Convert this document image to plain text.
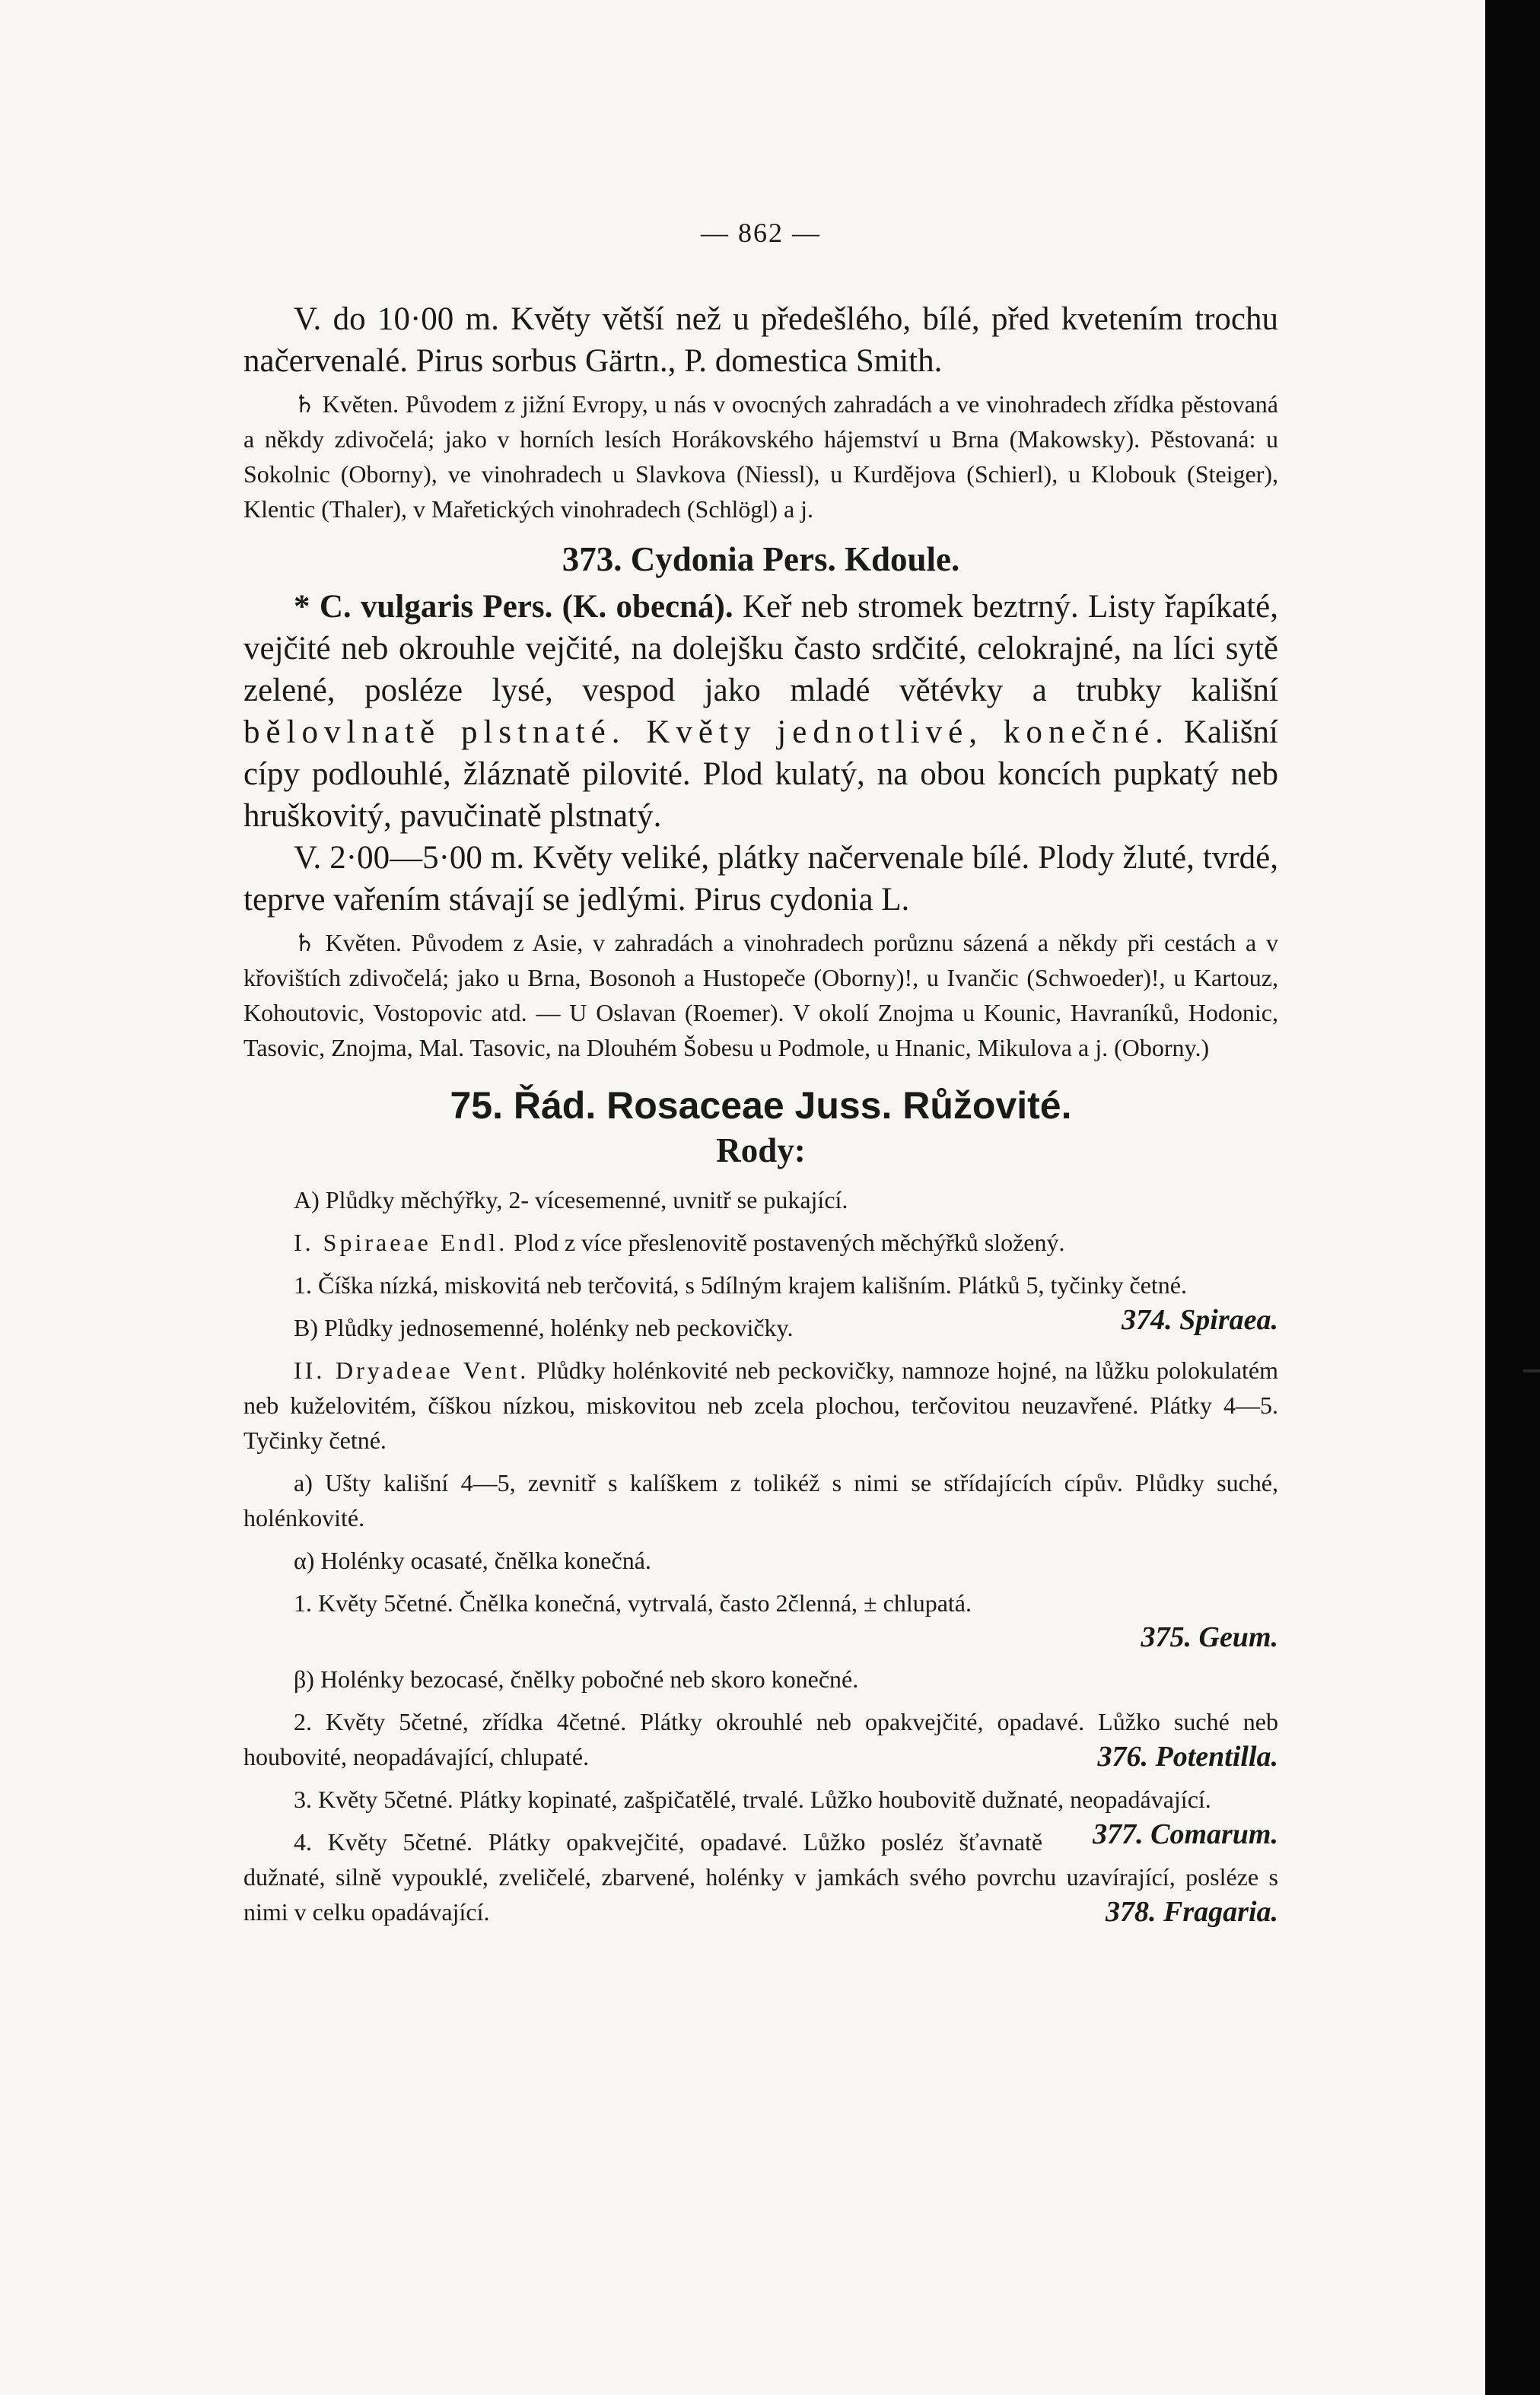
— 862 —

V. do 10·00 m. Květy větší než u předešlého, bílé, před kvetením trochu načervenalé. Pirus sorbus Gärtn., P. domestica Smith.

♄ Květen. Původem z jižní Evropy, u nás v ovocných zahradách a ve vinohradech zřídka pěstovaná a někdy zdivočelá; jako v horních lesích Horákovského hájemství u Brna (Makowsky). Pěstovaná: u Sokolnic (Oborny), ve vinohradech u Slavkova (Niessl), u Kurdějova (Schierl), u Klobouk (Steiger), Klentic (Thaler), v Mařetických vinohradech (Schlögl) a j.

373. Cydonia Pers. Kdoule.

* C. vulgaris Pers. (K. obecná). Keř neb stromek beztrný. Listy řapíkaté, vejčité neb okrouhle vejčité, na dolejšku často srdčité, celokrajné, na líci sytě zelené, posléze lysé, vespod jako mladé větévky a trubky kališní bělovlnatě plstnaté. Květy jednotlivé, konečné. Kališní cípy podlouhlé, žláznatě pilovité. Plod kulatý, na obou koncích pupkatý neb hruškovitý, pavučinatě plstnatý.

V. 2·00—5·00 m. Květy veliké, plátky načervenale bílé. Plody žluté, tvrdé, teprve vařením stávají se jedlými. Pirus cydonia L.

♄ Květen. Původem z Asie, v zahradách a vinohradech porůznu sázená a někdy při cestách a v křovištích zdivočelá; jako u Brna, Bosonoh a Hustopeče (Oborny)!, u Ivančic (Schwoeder)!, u Kartouz, Kohoutovic, Vostopovic atd. — U Oslavan (Roemer). V okolí Znojma u Kounic, Havraníků, Hodonic, Tasovic, Znojma, Mal. Tasovic, na Dlouhém Šobesu u Podmole, u Hnanic, Mikulova a j. (Oborny.)

75. Řád. Rosaceae Juss. Růžovité.
Rody:

A) Plůdky měchýřky, 2- vícesemenné, uvnitř se pukající.

I. Spiraeae Endl. Plod z více přeslenovitě postavených měchýřků složený.

1. Číška nízká, miskovitá neb terčovitá, s 5dílným krajem kališním. Plátků 5, tyčinky četné.
374. Spiraea.

B) Plůdky jednosemenné, holénky neb peckovičky.

II. Dryadeae Vent. Plůdky holénkovité neb peckovičky, namnoze hojné, na lůžku polokulatém neb kuželovitém, číškou nízkou, miskovitou neb zcela plochou, terčovitou neuzavřené. Plátky 4—5. Tyčinky četné.

a) Ušty kališní 4—5, zevnitř s kalíškem z tolikéž s nimi se střídajících cípův. Plůdky suché, holénkovité.

α) Holénky ocasaté, čnělka konečná.

1. Květy 5četné. Čnělka konečná, vytrvalá, často 2členná, ± chlupatá.
375. Geum.

β) Holénky bezocasé, čnělky pobočné neb skoro konečné.

2. Květy 5četné, zřídka 4četné. Plátky okrouhlé neb opakvejčité, opadavé. Lůžko suché neb houbovité, neopadávající, chlupaté.	376. Potentilla.

3. Květy 5četné. Plátky kopinaté, zašpičatělé, trvalé. Lůžko houbovitě dužnaté, neopadávající.
377. Comarum.

4. Květy 5četné. Plátky opakvejčité, opadavé. Lůžko posléz šťavnatě dužnaté, silně vypouklé, zveličelé, zbarvené, holénky v jamkách svého povrchu uzavírající, posléze s nimi v celku opadávající.	378. Fragaria.
